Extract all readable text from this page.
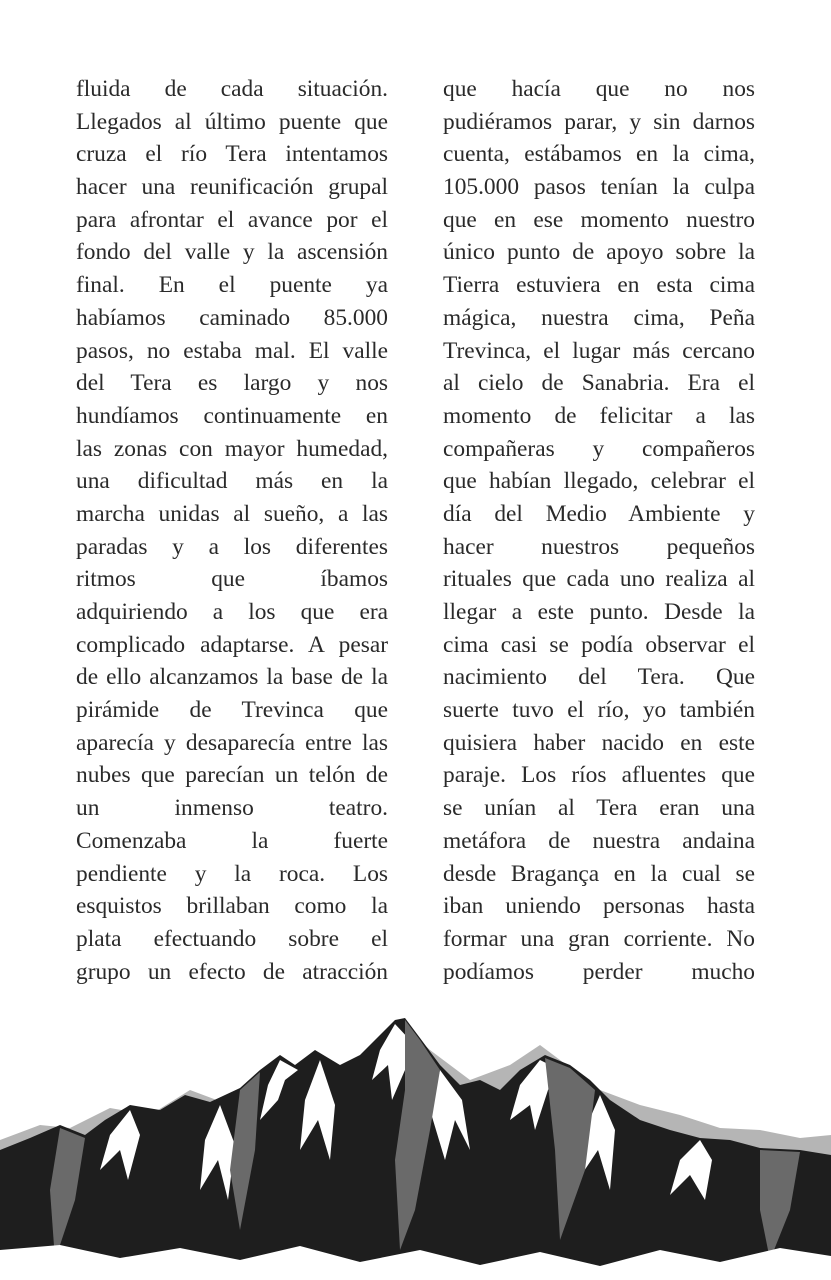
fluida de cada situación.
Llegados al último puente que
cruza el río Tera intentamos
hacer una reunificación grupal
para afrontar el avance por el
fondo del valle y la ascensión
final. En el puente ya
habíamos caminado 85.000
pasos, no estaba mal. El valle
del Tera es largo y nos
hundíamos continuamente en
las zonas con mayor humedad,
una dificultad más en la
marcha unidas al sueño, a las
paradas y a los diferentes
ritmos que íbamos
adquiriendo a los que era
complicado adaptarse. A pesar
de ello alcanzamos la base de la
pirámide de Trevinca que
aparecía y desaparecía entre las
nubes que parecían un telón de
un inmenso teatro.
Comenzaba la fuerte
pendiente y la roca. Los
esquistos brillaban como la
plata efectuando sobre el
grupo un efecto de atracción
que hacía que no nos
pudiéramos parar, y sin darnos
cuenta, estábamos en la cima,
105.000 pasos tenían la culpa
que en ese momento nuestro
único punto de apoyo sobre la
Tierra estuviera en esta cima
mágica, nuestra cima, Peña
Trevinca, el lugar más cercano
al cielo de Sanabria. Era el
momento de felicitar a las
compañeras y compañeros
que habían llegado, celebrar el
día del Medio Ambiente y
hacer nuestros pequeños
rituales que cada uno realiza al
llegar a este punto. Desde la
cima casi se podía observar el
nacimiento del Tera. Que
suerte tuvo el río, yo también
quisiera haber nacido en este
paraje. Los ríos afluentes que
se unían al Tera eran una
metáfora de nuestra andaina
desde Bragança en la cual se
iban uniendo personas hasta
formar una gran corriente. No
podíamos perder mucho
